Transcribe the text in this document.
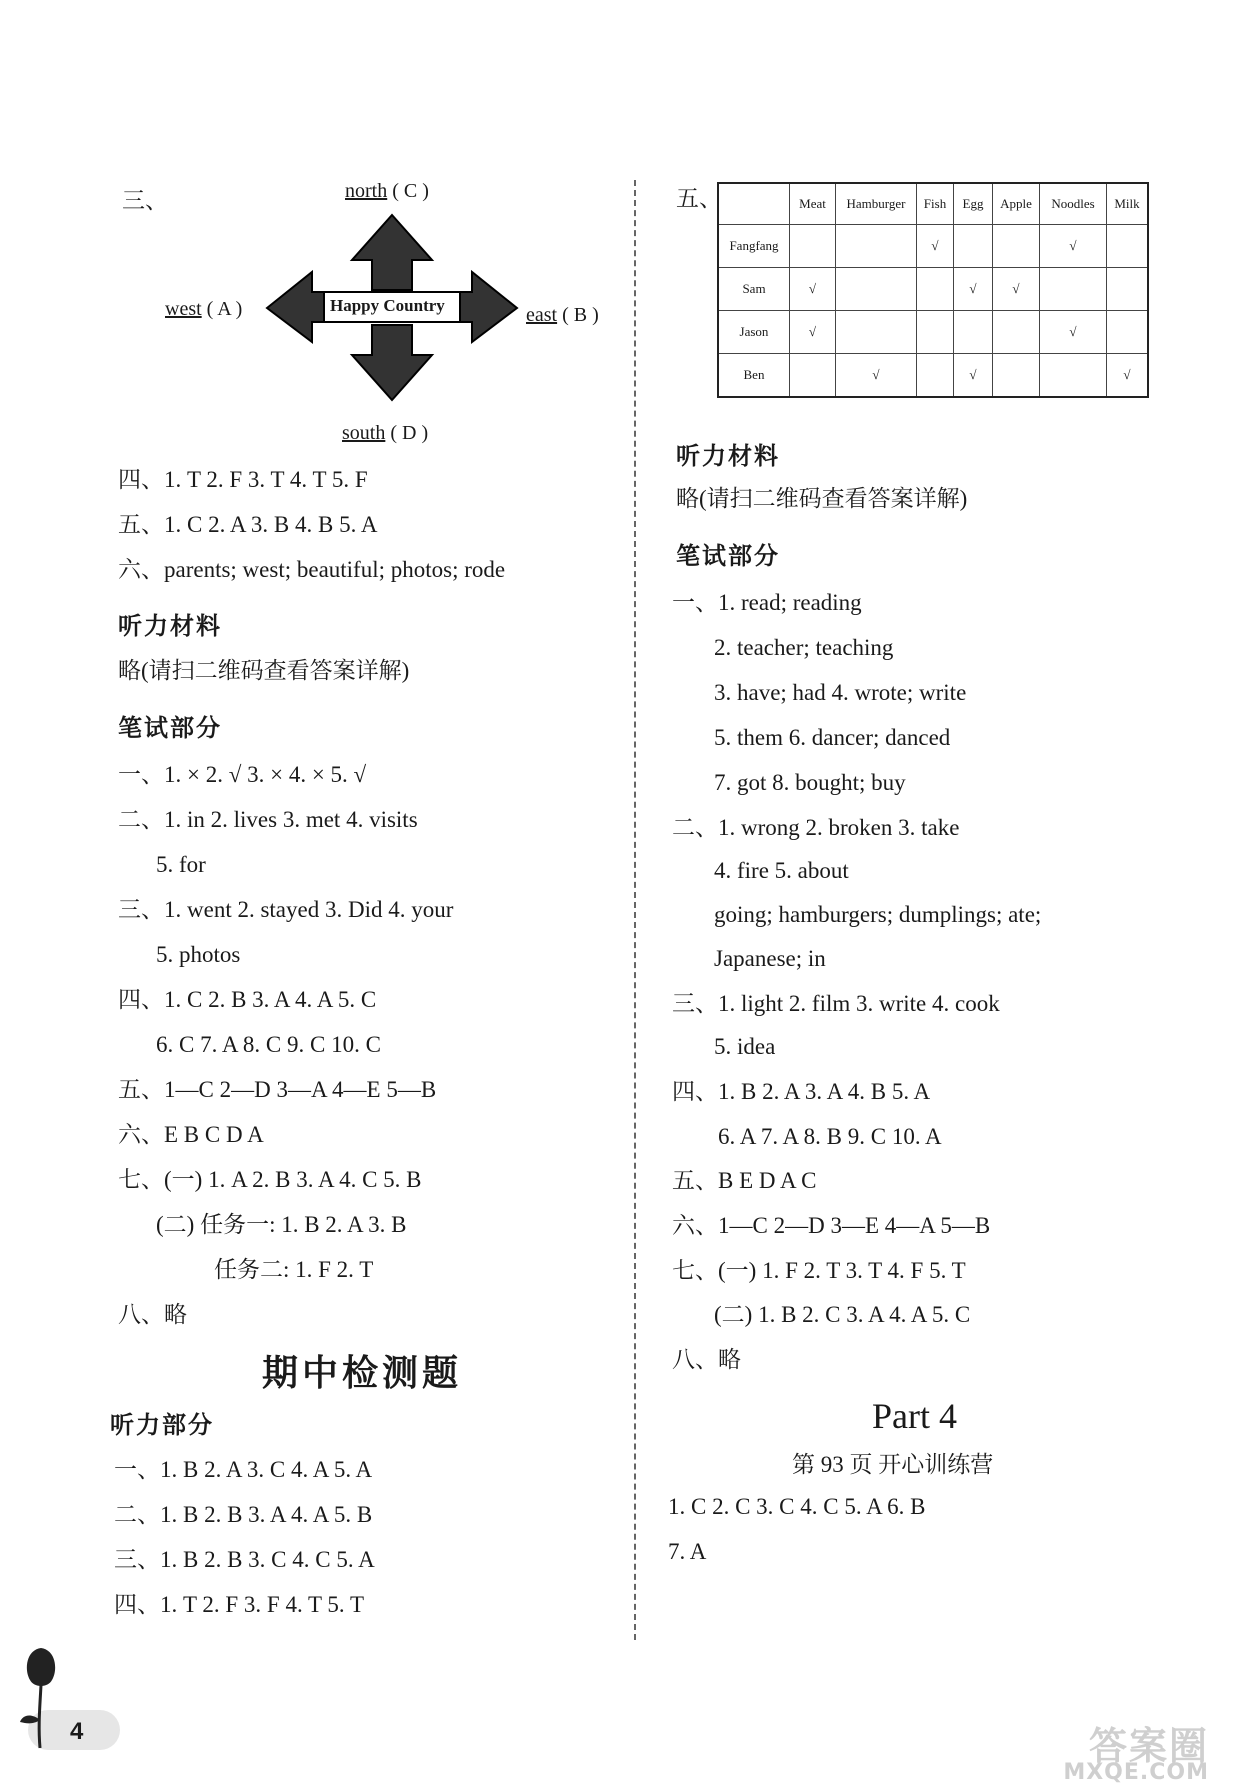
三、
Happy Country
north ( C )
west ( A )	east ( B )
south ( D )
四、1. T 2. F 3. T 4. T 5. F
五、1. C 2. A 3. B 4. B 5. A
六、parents; west; beautiful; photos; rode
听力材料
略(请扫二维码查看答案详解)
笔试部分
一、1. × 2. √ 3. × 4. × 5. √
二、1. in 2. lives 3. met 4. visits
5. for
三、1. went 2. stayed 3. Did 4. your
5. photos
四、1. C 2. B 3. A 4. A 5. C
6. C 7. A 8. C 9. C 10. C
五、1—C 2—D 3—A 4—E 5—B
六、E B C D A
七、(一) 1. A 2. B 3. A 4. C 5. B
(二) 任务一: 1. B 2. A 3. B
任务二: 1. F 2. T
八、略
期中检测题
听力部分
一、1. B 2. A 3. C 4. A 5. A
二、1. B 2. B 3. A 4. A 5. B
三、1. B 2. B 3. C 4. C 5. A
四、1. T 2. F 3. F 4. T 5. T
五、
		Meat	Hamburger	Fish	Egg	Apple	Noodles	Milk
Fangfang			√			√	
Sam	√			√	√		
Jason	√					√	
Ben		√		√			√
听力材料
略(请扫二维码查看答案详解)
笔试部分
一、1. read; reading
2. teacher; teaching
3. have; had 4. wrote; write
5. them 6. dancer; danced
7. got 8. bought; buy
二、1. wrong 2. broken 3. take
4. fire 5. about
going; hamburgers; dumplings; ate;
Japanese; in
三、1. light 2. film 3. write 4. cook
5. idea
四、1. B 2. A 3. A 4. B 5. A
6. A 7. A 8. B 9. C 10. A
五、B E D A C
六、1—C 2—D 3—E 4—A 5—B
七、(一) 1. F 2. T 3. T 4. F 5. T
(二) 1. B 2. C 3. A 4. A 5. C
八、略
Part 4
第 93 页 开心训练营
1. C 2. C 3. C 4. C 5. A 6. B
7. A
4	答案圈
MXQE.COM
